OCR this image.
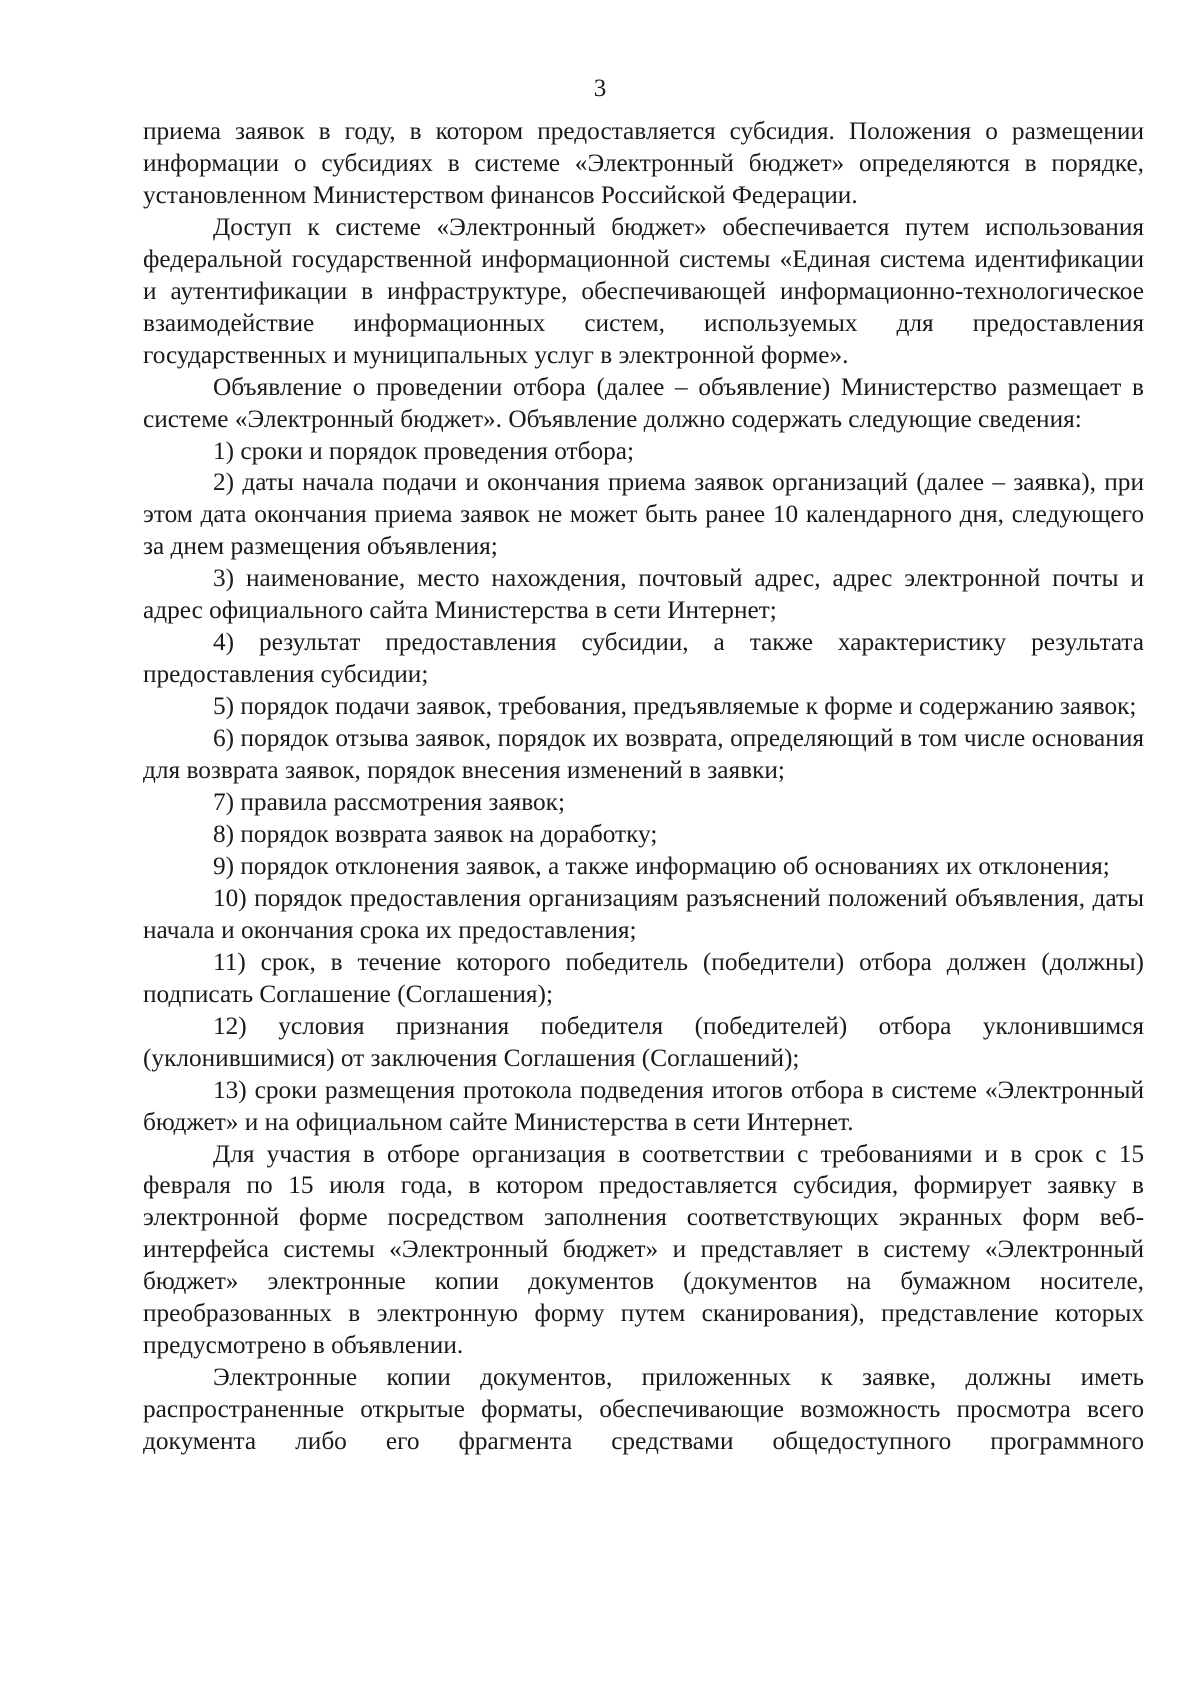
3

приема заявок в году, в котором предоставляется субсидия. Положения о размещении информации о субсидиях в системе «Электронный бюджет» определяются в порядке, установленном Министерством финансов Российской Федерации.

Доступ к системе «Электронный бюджет» обеспечивается путем использования федеральной государственной информационной системы «Единая система идентификации и аутентификации в инфраструктуре, обеспечивающей информационно-технологическое взаимодействие информационных систем, используемых для предоставления государственных и муниципальных услуг в электронной форме».

Объявление о проведении отбора (далее – объявление) Министерство размещает в системе «Электронный бюджет». Объявление должно содержать следующие сведения:

1) сроки и порядок проведения отбора;

2) даты начала подачи и окончания приема заявок организаций (далее – заявка), при этом дата окончания приема заявок не может быть ранее 10 календарного дня, следующего за днем размещения объявления;

3) наименование, место нахождения, почтовый адрес, адрес электронной почты и адрес официального сайта Министерства в сети Интернет;

4) результат предоставления субсидии, а также характеристику результата предоставления субсидии;

5) порядок подачи заявок, требования, предъявляемые к форме и содержанию заявок;

6) порядок отзыва заявок, порядок их возврата, определяющий в том числе основания для возврата заявок, порядок внесения изменений в заявки;

7) правила рассмотрения заявок;

8) порядок возврата заявок на доработку;

9) порядок отклонения заявок, а также информацию об основаниях их отклонения;

10) порядок предоставления организациям разъяснений положений объявления, даты начала и окончания срока их предоставления;

11) срок, в течение которого победитель (победители) отбора должен (должны) подписать Соглашение (Соглашения);

12) условия признания победителя (победителей) отбора уклонившимся (уклонившимися) от заключения Соглашения (Соглашений);

13) сроки размещения протокола подведения итогов отбора в системе «Электронный бюджет» и на официальном сайте Министерства в сети Интернет.

Для участия в отборе организация в соответствии с требованиями и в срок с 15 февраля по 15 июля года, в котором предоставляется субсидия, формирует заявку в электронной форме посредством заполнения соответствующих экранных форм веб-интерфейса системы «Электронный бюджет» и представляет в систему «Электронный бюджет» электронные копии документов (документов на бумажном носителе, преобразованных в электронную форму путем сканирования), представление которых предусмотрено в объявлении.

Электронные копии документов, приложенных к заявке, должны иметь распространенные открытые форматы, обеспечивающие возможность просмотра всего документа либо его фрагмента средствами общедоступного программного
